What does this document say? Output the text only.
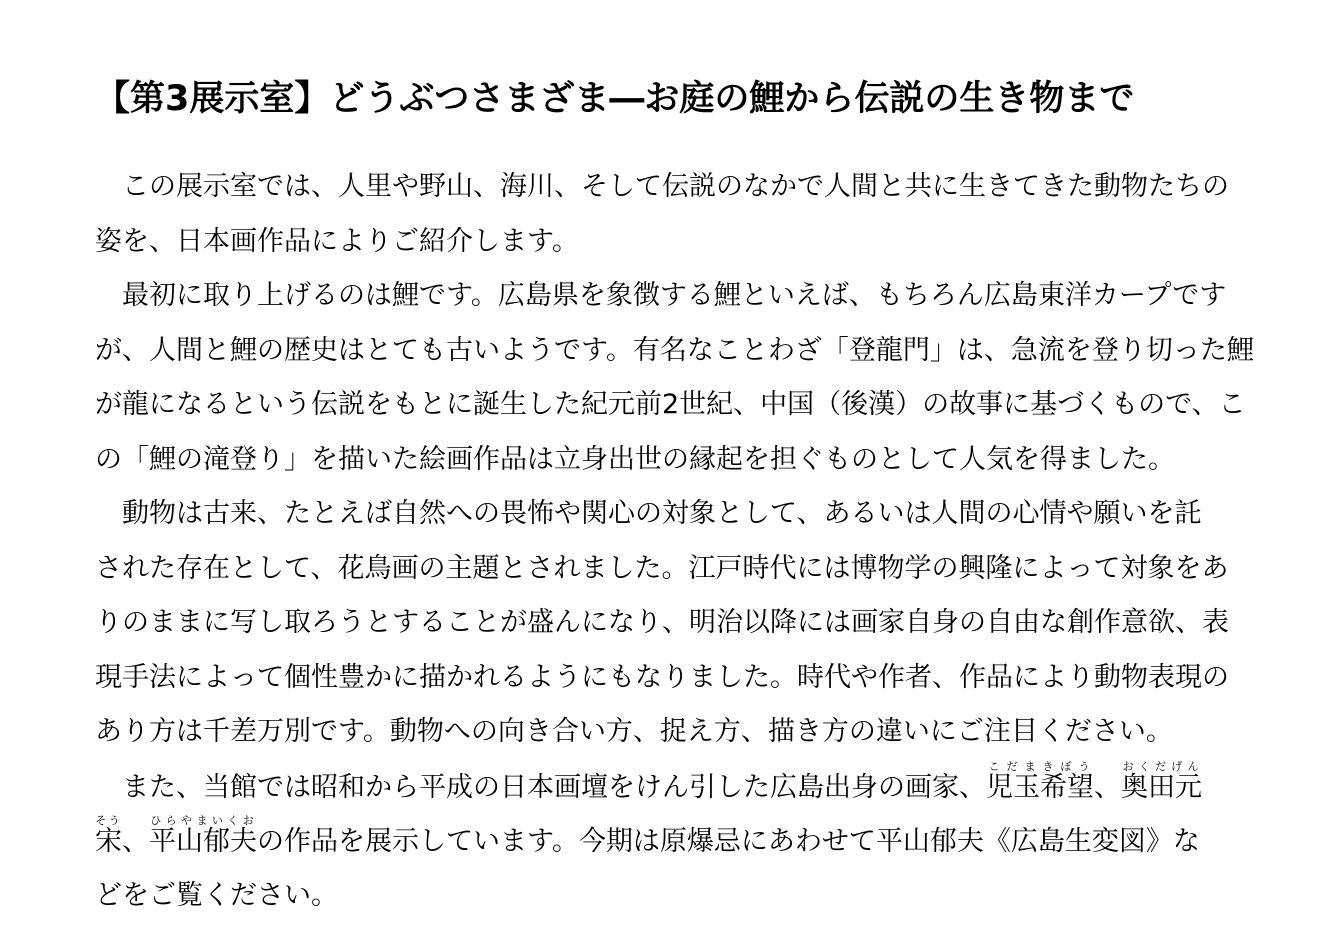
【第3展示室】どうぶつさまざま―お庭の鯉から伝説の生き物まで
この展示室では、人里や野山、海川、そして伝説のなかで人間と共に生きてきた動物たちの
姿を、日本画作品によりご紹介します。
最初に取り上げるのは鯉です。広島県を象徴する鯉といえば、もちろん広島東洋カープです
が、人間と鯉の歴史はとても古いようです。有名なことわざ「登龍門」は、急流を登り切った鯉
が龍になるという伝説をもとに誕生した紀元前2世紀、中国（後漢）の故事に基づくもので、こ
の「鯉の滝登り」を描いた絵画作品は立身出世の縁起を担ぐものとして人気を得ました。
動物は古来、たとえば自然への畏怖や関心の対象として、あるいは人間の心情や願いを託
された存在として、花鳥画の主題とされました。江戸時代には博物学の興隆によって対象をあ
りのままに写し取ろうとすることが盛んになり、明治以降には画家自身の自由な創作意欲、表
現手法によって個性豊かに描かれるようにもなりました。時代や作者、作品により動物表現の
あり方は千差万別です。動物への向き合い方、捉え方、描き方の違いにご注目ください。
また、当館では昭和から平成の日本画壇をけん引した広島出身の画家、児玉希望こだまきぼう、奥田元おくだげん
宋そう、平山郁夫ひらやまいくおの作品を展示しています。今期は原爆忌にあわせて平山郁夫《広島生変図》な
どをご覧ください。
